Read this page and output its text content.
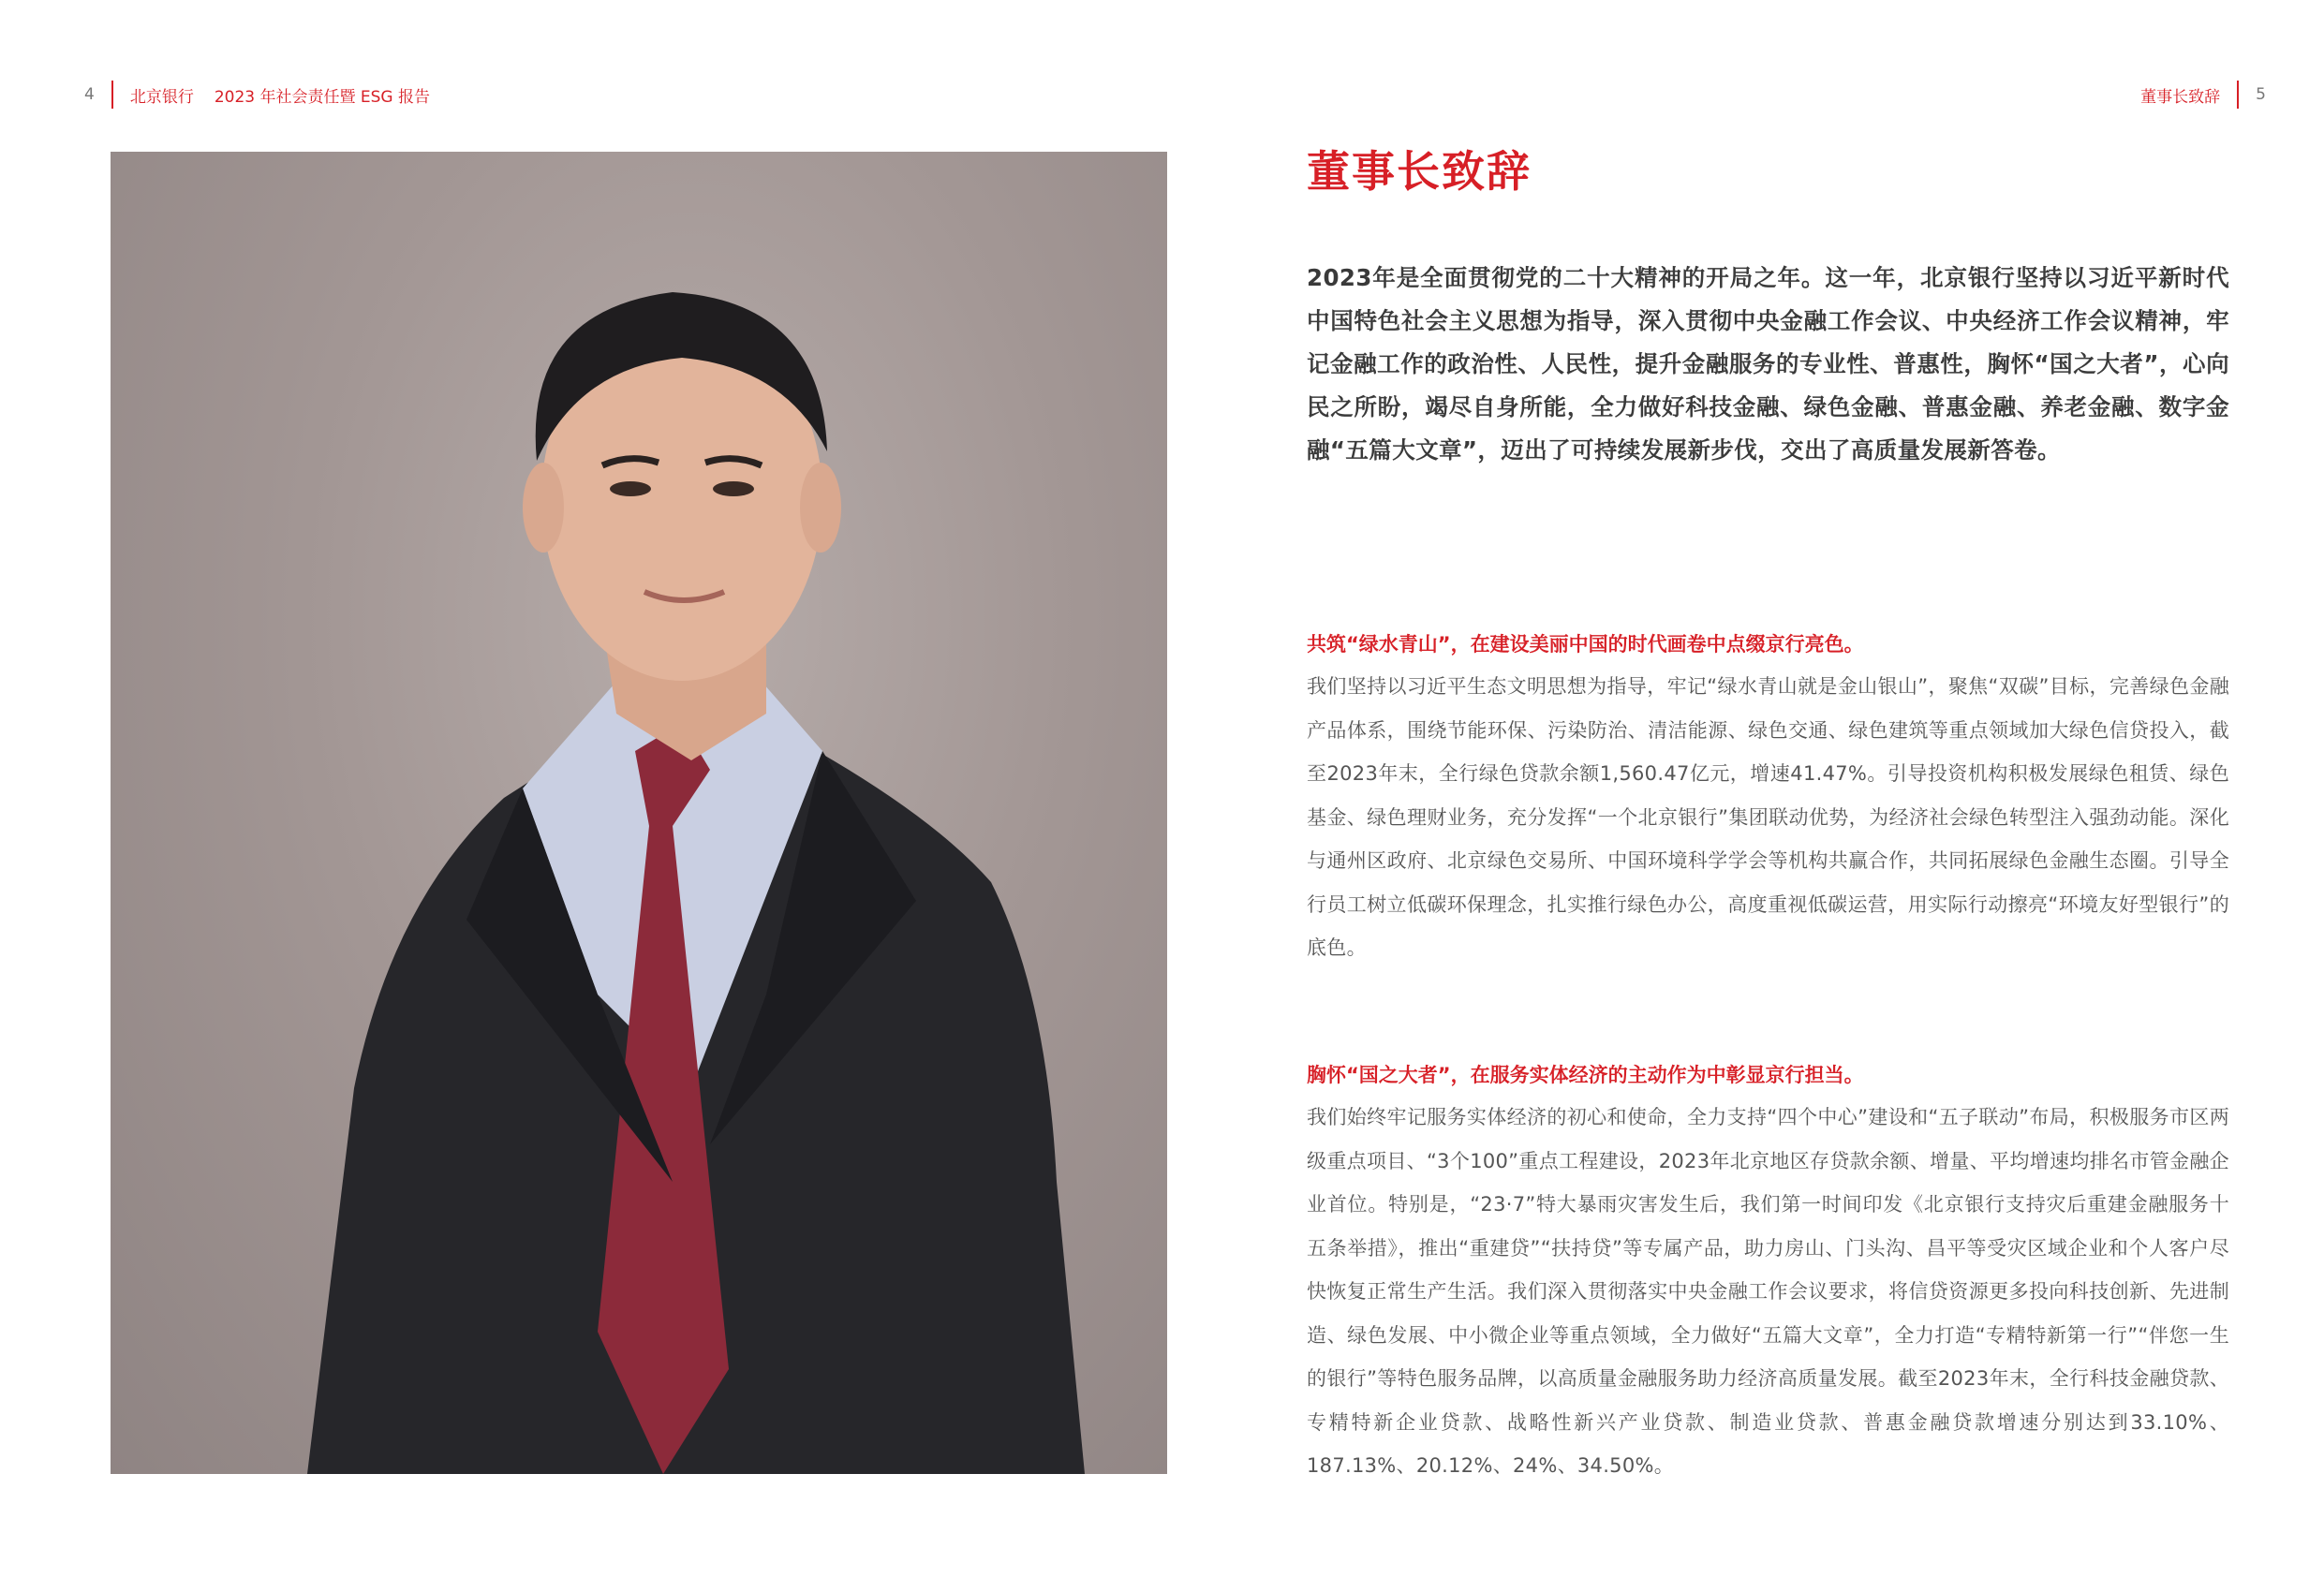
4 北京银行 2023 年社会责任暨 ESG 报告	董事长致辞 5
董事长致辞

2023年是全面贯彻党的二十大精神的开局之年。这一年，北京银行坚持以习近平新时代中国特色社会主义思想为指导，深入贯彻中央金融工作会议、中央经济工作会议精神，牢记金融工作的政治性、人民性，提升金融服务的专业性、普惠性，胸怀“国之大者”，心向民之所盼，竭尽自身所能，全力做好科技金融、绿色金融、普惠金融、养老金融、数字金融“五篇大文章”，迈出了可持续发展新步伐，交出了高质量发展新答卷。

共筑“绿水青山”，在建设美丽中国的时代画卷中点缀京行亮色。

我们坚持以习近平生态文明思想为指导，牢记“绿水青山就是金山银山”，聚焦“双碳”目标，完善绿色金融产品体系，围绕节能环保、污染防治、清洁能源、绿色交通、绿色建筑等重点领域加大绿色信贷投入，截至2023年末，全行绿色贷款余额1,560.47亿元，增速41.47%。引导投资机构积极发展绿色租赁、绿色基金、绿色理财业务，充分发挥“一个北京银行”集团联动优势，为经济社会绿色转型注入强劲动能。深化与通州区政府、北京绿色交易所、中国环境科学学会等机构共赢合作，共同拓展绿色金融生态圈。引导全行员工树立低碳环保理念，扎实推行绿色办公，高度重视低碳运营，用实际行动擦亮“环境友好型银行”的底色。

胸怀“国之大者”，在服务实体经济的主动作为中彰显京行担当。

我们始终牢记服务实体经济的初心和使命，全力支持“四个中心”建设和“五子联动”布局，积极服务市区两级重点项目、“3个100”重点工程建设，2023年北京地区存贷款余额、增量、平均增速均排名市管金融企业首位。特别是，“23·7”特大暴雨灾害发生后，我们第一时间印发《北京银行支持灾后重建金融服务十五条举措》，推出“重建贷”“扶持贷”等专属产品，助力房山、门头沟、昌平等受灾区域企业和个人客户尽快恢复正常生产生活。我们深入贯彻落实中央金融工作会议要求，将信贷资源更多投向科技创新、先进制造、绿色发展、中小微企业等重点领域，全力做好“五篇大文章”，全力打造“专精特新第一行”“伴您一生的银行”等特色服务品牌，以高质量金融服务助力经济高质量发展。截至2023年末，全行科技金融贷款、专精特新企业贷款、战略性新兴产业贷款、制造业贷款、普惠金融贷款增速分别达到33.10%、187.13%、20.12%、24%、34.50%。
